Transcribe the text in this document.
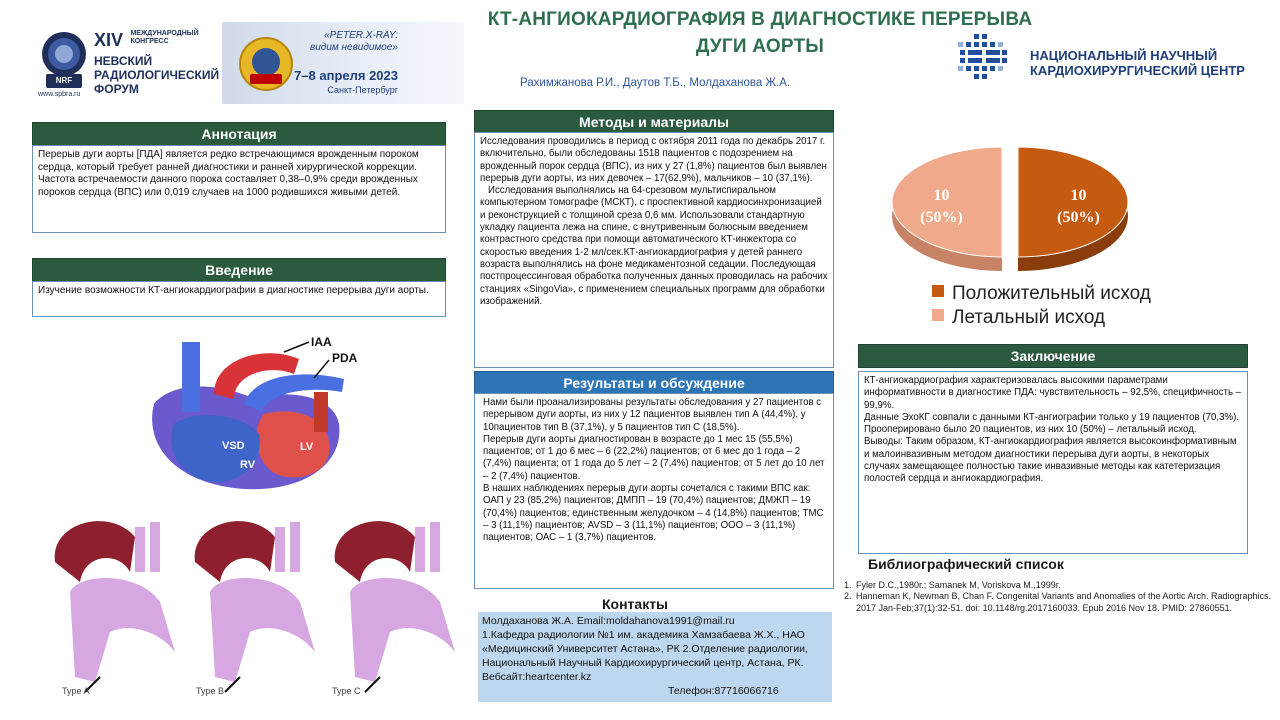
NRF
XIV МЕЖДУНАРОДНЫЙ
КОНГРЕСС
НЕВСКИЙ
РАДИОЛОГИЧЕСКИЙ
ФОРУМ
www.spbra.ru
«PETER.X-RAY:
видим невидимое»
7–8 апреля 2023
Санкт-Петербург
КТ-АНГИОКАРДИОГРАФИЯ В ДИАГНОСТИКЕ ПЕРЕРЫВА
ДУГИ АОРТЫ
Рахимжанова Р.И., Даутов Т.Б., Молдаханова Ж.А.
НАЦИОНАЛЬНЫЙ НАУЧНЫЙ
КАРДИОХИРУРГИЧЕСКИЙ ЦЕНТР
Аннотация
Перерыв дуги аорты [ПДА] является редко встречающимся врожденным пороком сердца, который требует ранней диагностики и ранней хирургической коррекции. Частота встречаемости данного порока составляет 0,38–0,9% среди врожденных пороков сердца (ВПС) или 0,019 случаев на 1000 родившихся живыми детей.
Введение
Изучение возможности КТ-ангиокардиографии в диагностике перерыва дуги аорты.
IAA
PDA
VSD
RV
LV
Type A	Type B	Type C
Методы и материалы
Исследования проводились в период с октября 2011 года по декабрь 2017 г. включительно, были обследованы 1518 пациентов с подозрением на врожденный порок сердца (ВПС), из них у 27 (1,8%) пациентов был выявлен перерыв дуги аорты, из них девочек – 17(62,9%), мальчиков – 10 (37,1%).
Исследования выполнялись на 64-срезовом мультиспиральном компьютерном томографе (МСКТ), с проспективной кардиосинхронизацией и реконструкцией с толщиной среза 0,6 мм. Использовали стандартную укладку пациента лежа на спине, с внутривенным болюсным введением контрастного средства при помощи автоматического КТ-инжектора со скоростью введения 1-2 мл/сек.КТ-ангиокардиография у детей раннего возраста выполнялись на фоне медикаментозной седации. Последующая постпроцессинговая обработка полученных данных проводилась на рабочих станциях «SingoVia», с применением специальных программ для обработки изображений.
Результаты и обсуждение
Нами были проанализированы результаты обследования у 27 пациентов с перерывом дуги аорты, из них у 12 пациентов выявлен тип А (44,4%), у 10пациентов тип В (37,1%), у 5 пациентов тип С (18,5%).
Перерыв дуги аорты диагностирован в возрасте до 1 мес 15 (55,5%) пациентов; от 1 до 6 мес – 6 (22,2%) пациентов; от 6 мес до 1 года – 2 (7,4%) пациента; от 1 года до 5 лет – 2 (7,4%) пациентов; от 5 лет до 10 лет – 2 (7,4%) пациентов.
В наших наблюдениях перерыв дуги аорты сочетался с такими ВПС как: ОАП у 23 (85,2%) пациентов; ДМПП – 19 (70,4%) пациентов; ДМЖП – 19 (70,4%) пациентов; единственным желудочком – 4 (14,8%) пациентов; ТМС – 3 (11,1%) пациентов; AVSD – 3 (11,1%) пациентов; ООО – 3 (11,1%) пациентов; ОАС – 1 (3,7%) пациентов.
Контакты
Молдаханова Ж.А. Email:moldahanova1991@mail.ru
1.Кафедра радиологии №1 им. академика Хамзабаева Ж.Х., НАО «Медицинский Университет Астана», РК 2.Отделение радиологии, Национальный Научный Кардиохирургический центр, Астана, РК.
Вебсайт:heartcenter.kz
Телефон:87716066716
10
(50%)
10
(50%)
Положительный исход
Летальный исход
Заключение
КТ-ангиокардиография характеризовалась высокими параметрами информативности в диагностике ПДА: чувствительность – 92,5%, специфичность – 99,9%.
Данные ЭхоКГ совпали с данными КТ-ангиографии только у 19 пациентов (70,3%).
Прооперировано было 20 пациентов, из них 10 (50%) – летальный исход.
Выводы: Таким образом, КТ-ангиокардиография является высокоинформативным и малоинвазивным методом диагностики перерыва дуги аорты, в некоторых случаях замещающее полностью такие инвазивные методы как катетеризация полостей сердца и ангиокардиография.
Библиографический список
1. Fyler D.C.,1980г.; Samanek M, Voriskova M.,1999г.
2. Hanneman K, Newman B, Chan F. Congenital Variants and Anomalies of the Aortic Arch. Radiographics. 2017 Jan-Feb;37(1):32-51. doi: 10.1148/rg.2017160033. Epub 2016 Nov 18. PMID: 27860551.
